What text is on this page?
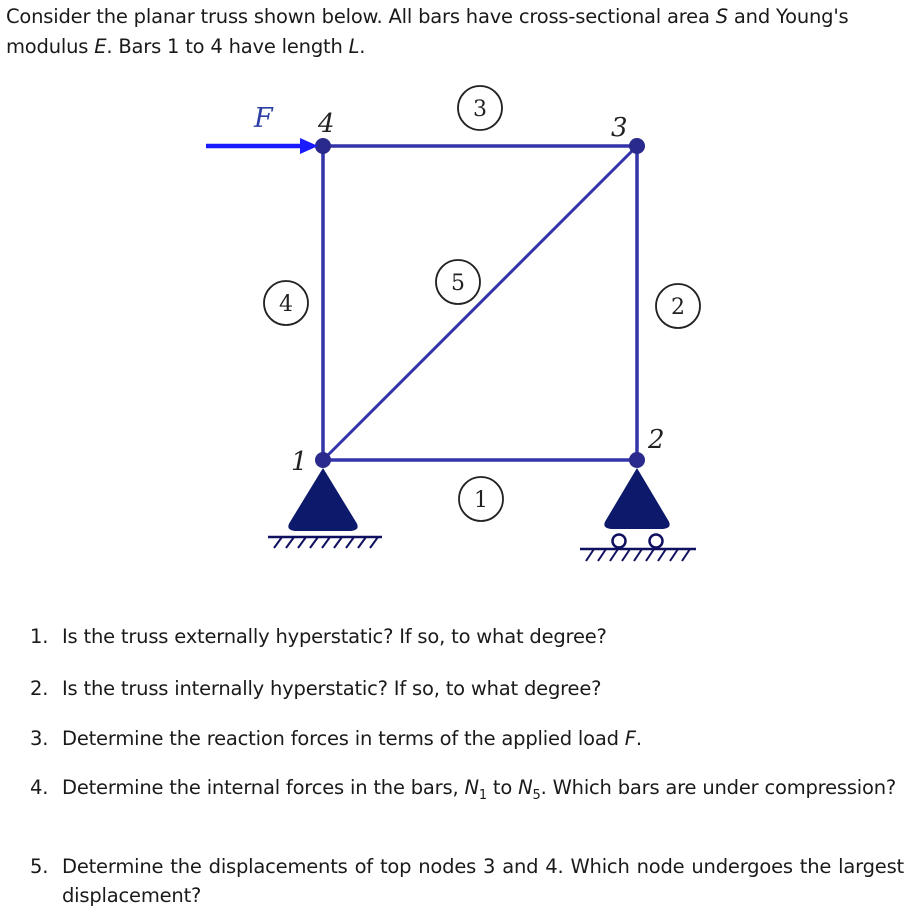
Consider the planar truss shown below. All bars have cross-sectional area S and Young's

modulus E. Bars 1 to 4 have length L.

F
1
2
3
4
1
2
3
4
5
1. Is the truss externally hyperstatic? If so, to what degree?
2. Is the truss internally hyperstatic? If so, to what degree?
3. Determine the reaction forces in terms of the applied load F.
4. Determine the internal forces in the bars, $N_1$ to $N_5$. Which bars are under compression?
5. Determine the displacements of top nodes 3 and 4. Which node undergoes the largest displacement?
